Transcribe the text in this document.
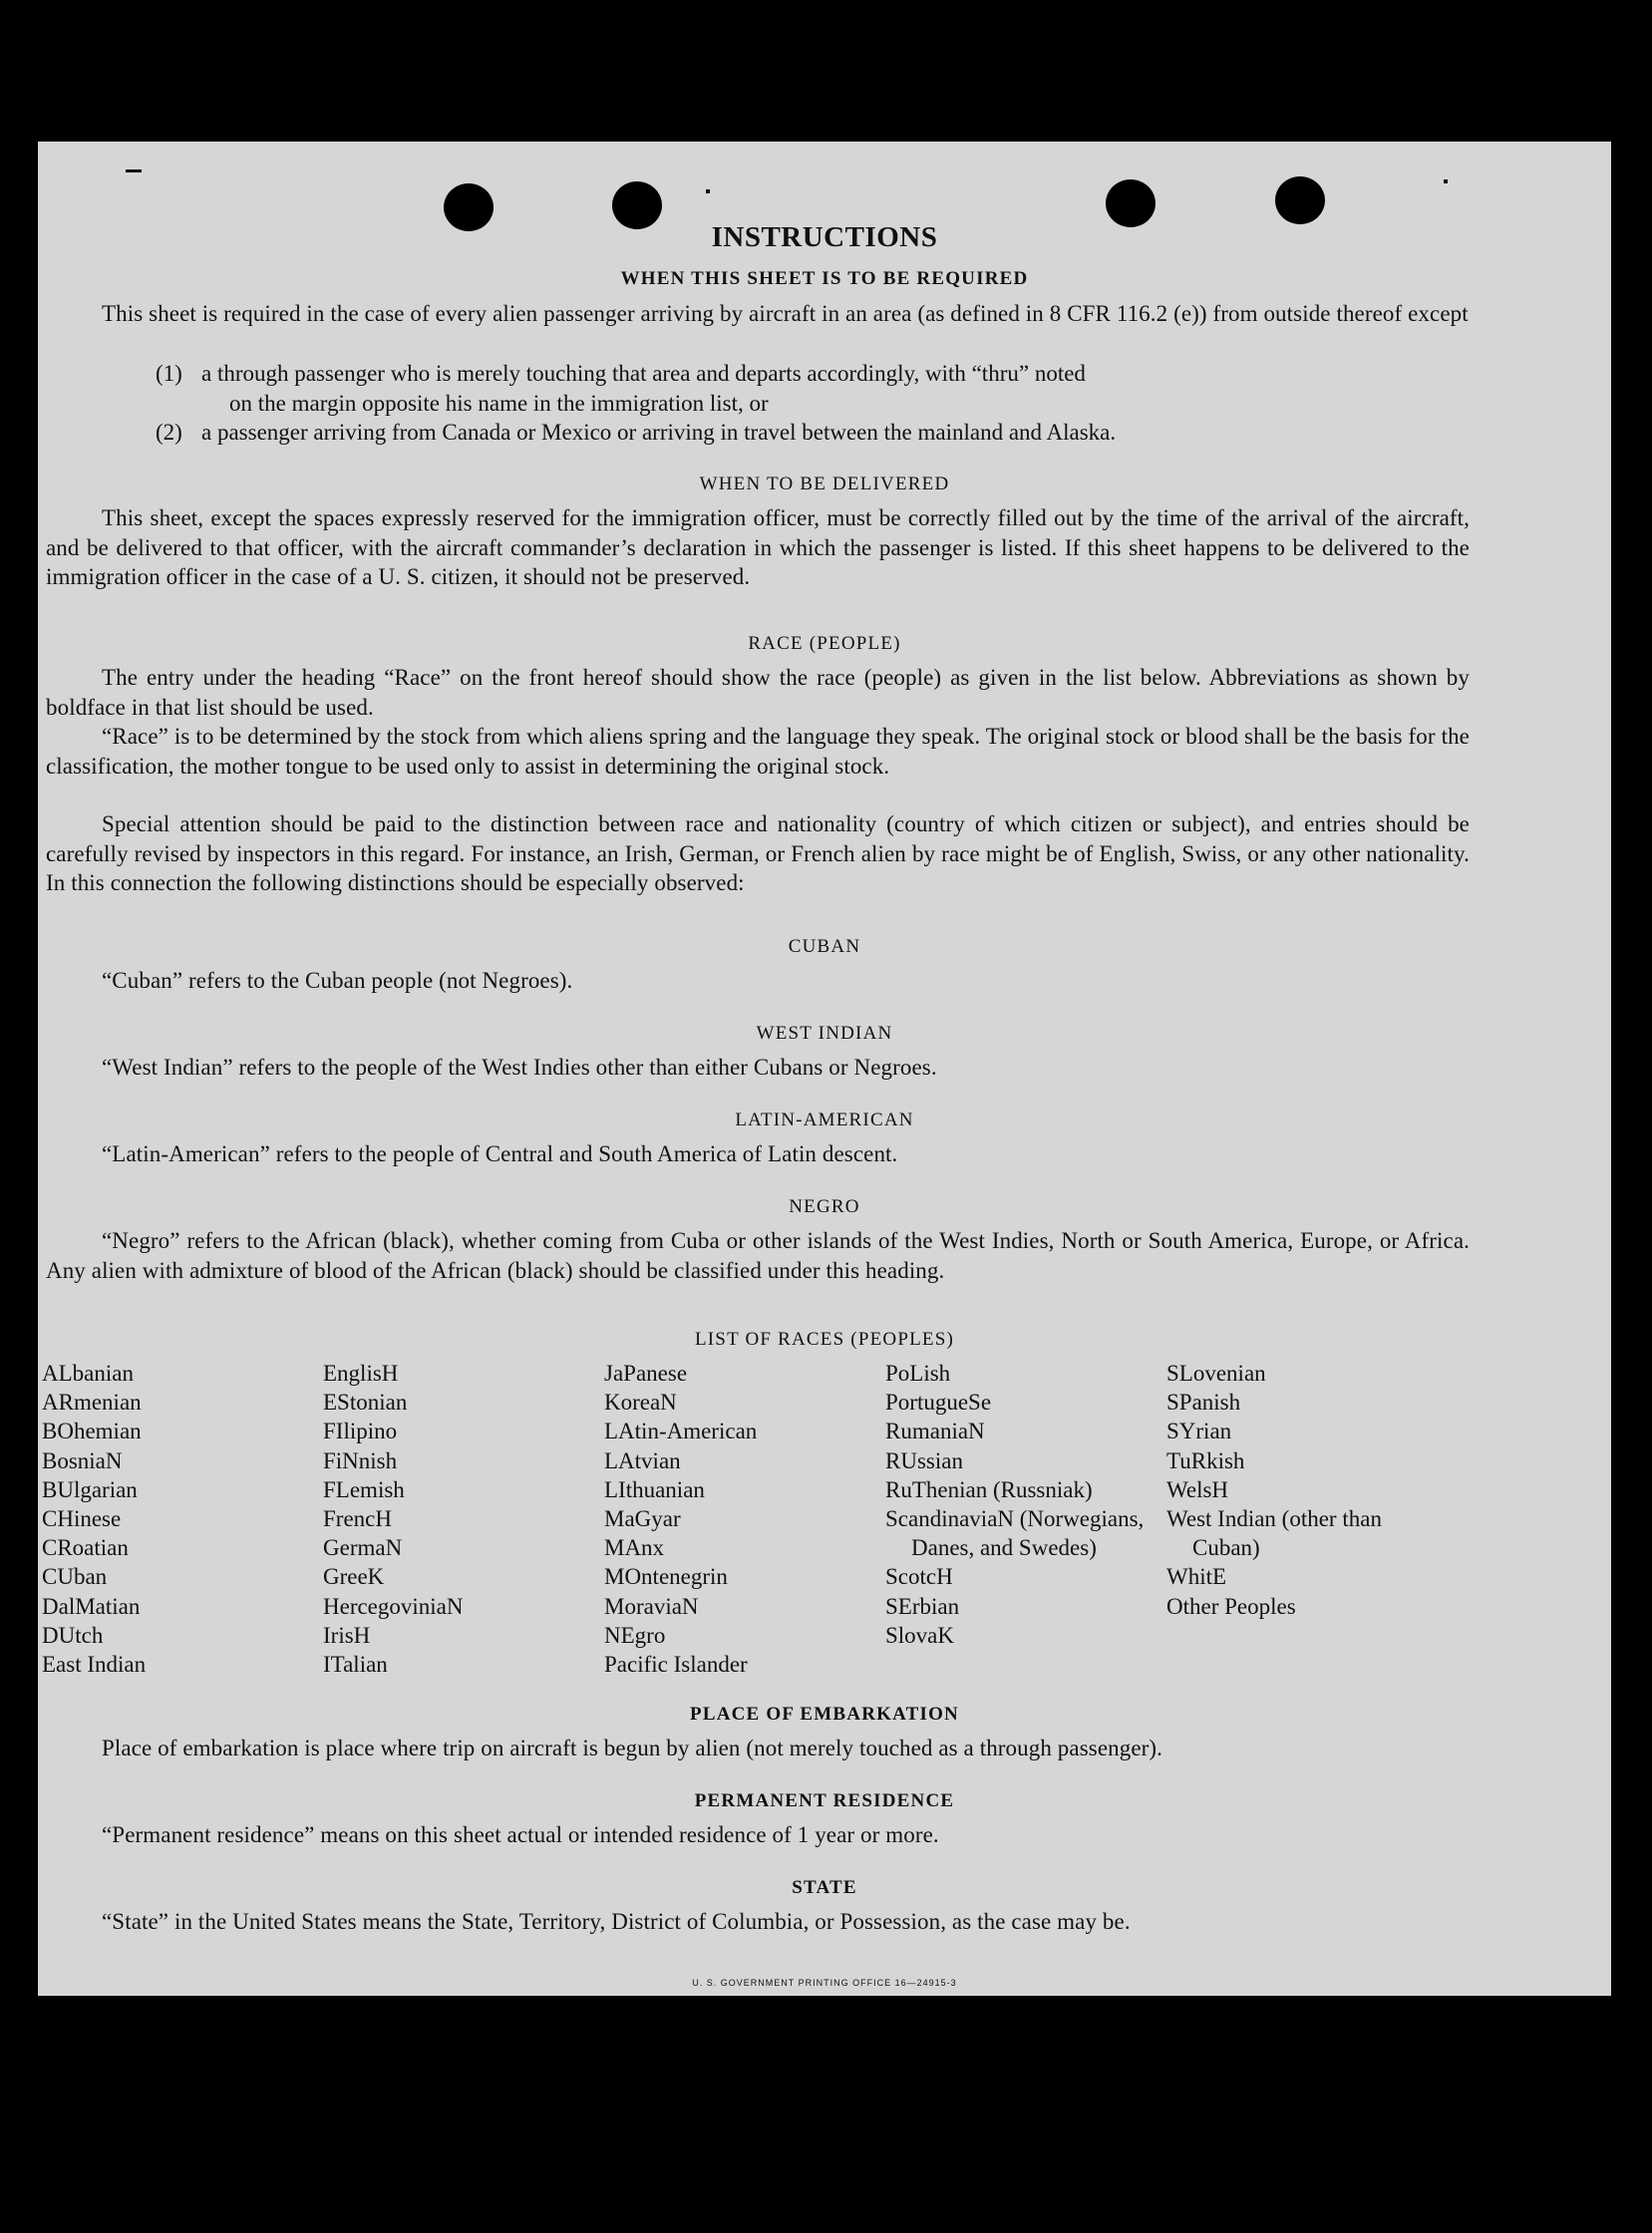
INSTRUCTIONS
WHEN THIS SHEET IS TO BE REQUIRED
This sheet is required in the case of every alien passenger arriving by aircraft in an area (as defined in 8 CFR 116.2 (e)) from outside thereof except
(1) a through passenger who is merely touching that area and departs accordingly, with “thru” noted
on the margin opposite his name in the immigration list, or
(2) a passenger arriving from Canada or Mexico or arriving in travel between the mainland and Alaska.
WHEN TO BE DELIVERED
This sheet, except the spaces expressly reserved for the immigration officer, must be correctly filled out by the time of the arrival of the aircraft, and be delivered to that officer, with the aircraft commander’s declaration in which the passenger is listed. If this sheet happens to be delivered to the immigration officer in the case of a U. S. citizen, it should not be preserved.
RACE (PEOPLE)
The entry under the heading “Race” on the front hereof should show the race (people) as given in the list below. Abbreviations as shown by boldface in that list should be used.
“Race” is to be determined by the stock from which aliens spring and the language they speak. The original stock or blood shall be the basis for the classification, the mother tongue to be used only to assist in determining the original stock.
Special attention should be paid to the distinction between race and nationality (country of which citizen or subject), and entries should be carefully revised by inspectors in this regard. For instance, an Irish, German, or French alien by race might be of English, Swiss, or any other nationality. In this connection the following distinctions should be especially observed:
CUBAN
“Cuban” refers to the Cuban people (not Negroes).
WEST INDIAN
“West Indian” refers to the people of the West Indies other than either Cubans or Negroes.
LATIN-AMERICAN
“Latin-American” refers to the people of Central and South America of Latin descent.
NEGRO
“Negro” refers to the African (black), whether coming from Cuba or other islands of the West Indies, North or South America, Europe, or Africa. Any alien with admixture of blood of the African (black) should be classified under this heading.
LIST OF RACES (PEOPLES)
ALbanian
ARmenian
BOhemian
BosniaN
BUlgarian
CHinese
CRoatian
CUban
DalMatian
DUtch
East Indian
EnglisH
EStonian
FIlipino
FiNnish
FLemish
FrencH
GermaN
GreeK
HercegoviniaN
IrisH
ITalian
JaPanese
KoreaN
LAtin-American
LAtvian
LIthuanian
MaGyar
MAnx
MOntenegrin
MoraviaN
NEgro
Pacific Islander
PoLish
PortugueSe
RumaniaN
RUssian
RuThenian (Russniak)
ScandinaviaN (Norwegians, Danes, and Swedes)
ScotcH
SErbian
SlovaK
SLovenian
SPanish
SYrian
TuRkish
WelsH
West Indian (other than Cuban)
WhitE
Other Peoples
PLACE OF EMBARKATION
Place of embarkation is place where trip on aircraft is begun by alien (not merely touched as a through passenger).
PERMANENT RESIDENCE
“Permanent residence” means on this sheet actual or intended residence of 1 year or more.
STATE
“State” in the United States means the State, Territory, District of Columbia, or Possession, as the case may be.
U. S. GOVERNMENT PRINTING OFFICE 16—24915-3
